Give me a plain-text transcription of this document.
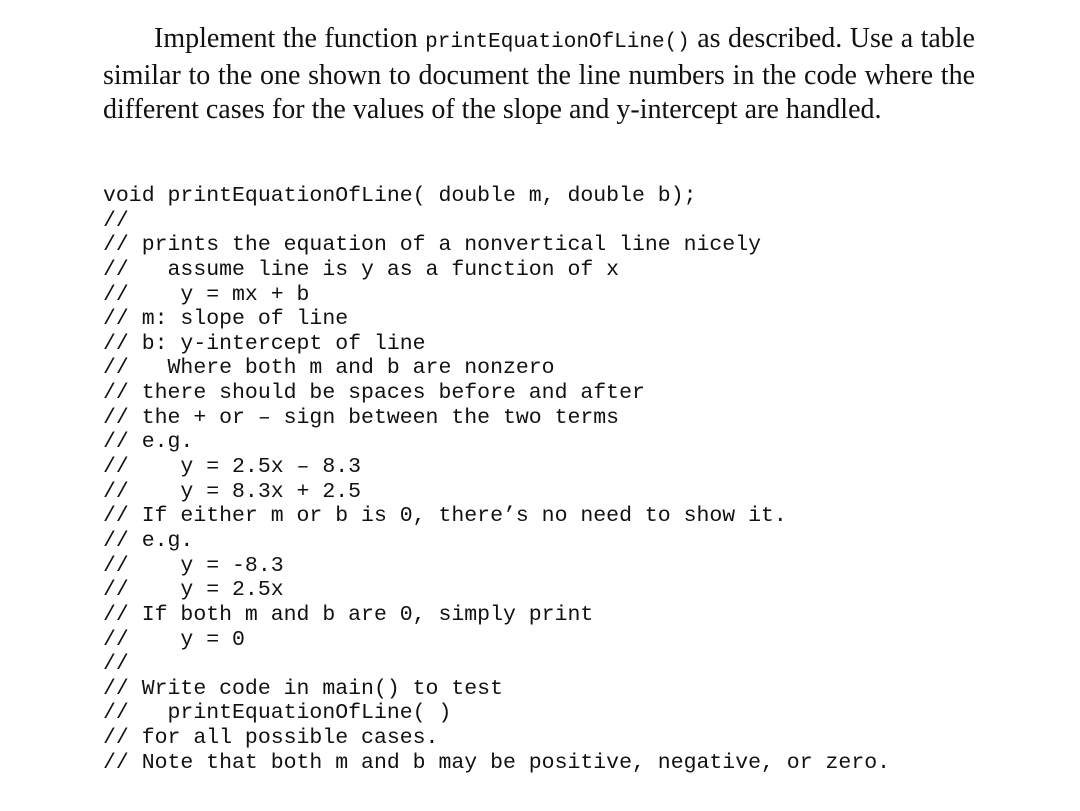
Implement the function printEquationOfLine() as described. Use a table similar to the one shown to document the line numbers in the code where the different cases for the values of the slope and y-intercept are handled.

void printEquationOfLine( double m, double b);
//
// prints the equation of a nonvertical line nicely
//   assume line is y as a function of x
//    y = mx + b
// m: slope of line
// b: y-intercept of line
//   Where both m and b are nonzero
// there should be spaces before and after
// the + or – sign between the two terms
// e.g.
//    y = 2.5x – 8.3
//    y = 8.3x + 2.5
// If either m or b is 0, there’s no need to show it.
// e.g.
//    y = -8.3
//    y = 2.5x
// If both m and b are 0, simply print
//    y = 0
//
// Write code in main() to test
//   printEquationOfLine( )
// for all possible cases.
// Note that both m and b may be positive, negative, or zero.
